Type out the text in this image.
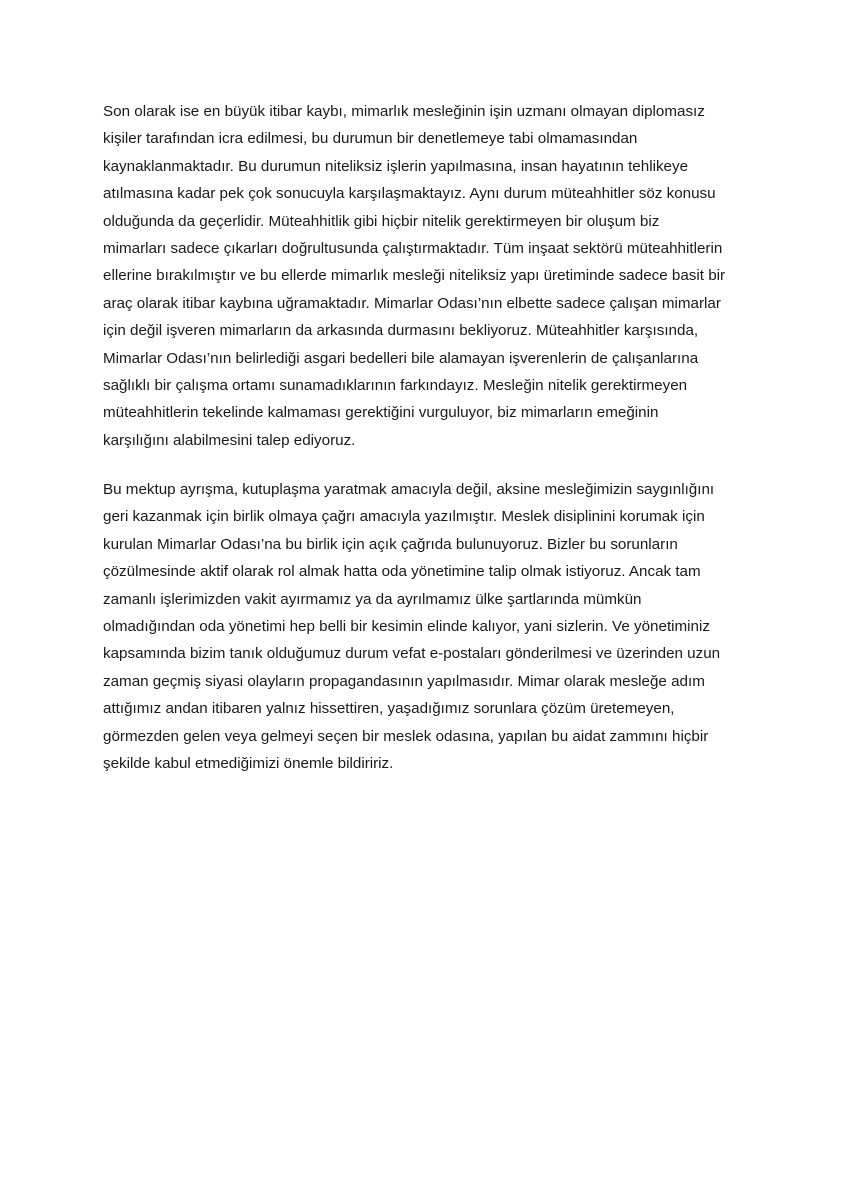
Son olarak ise en büyük itibar kaybı, mimarlık mesleğinin işin uzmanı olmayan diplomasız
kişiler tarafından icra edilmesi, bu durumun bir denetlemeye tabi olmamasından
kaynaklanmaktadır. Bu durumun niteliksiz işlerin yapılmasına, insan hayatının tehlikeye
atılmasına kadar pek çok sonucuyla karşılaşmaktayız. Aynı durum müteahhitler söz konusu
olduğunda da geçerlidir. Müteahhitlik gibi hiçbir nitelik gerektirmeyen bir oluşum biz
mimarları sadece çıkarları doğrultusunda çalıştırmaktadır. Tüm inşaat sektörü müteahhitlerin
ellerine bırakılmıştır ve bu ellerde mimarlık mesleği niteliksiz yapı üretiminde sadece basit bir
araç olarak itibar kaybına uğramaktadır. Mimarlar Odası’nın elbette sadece çalışan mimarlar
için değil işveren mimarların da arkasında durmasını bekliyoruz. Müteahhitler karşısında,
Mimarlar Odası’nın belirlediği asgari bedelleri bile alamayan işverenlerin de çalışanlarına
sağlıklı bir çalışma ortamı sunamadıklarının farkındayız. Mesleğin nitelik gerektirmeyen
müteahhitlerin tekelinde kalmaması gerektiğini vurguluyor, biz mimarların emeğinin
karşılığını alabilmesini talep ediyoruz.
Bu mektup ayrışma, kutuplaşma yaratmak amacıyla değil, aksine mesleğimizin saygınlığını
geri kazanmak için birlik olmaya çağrı amacıyla yazılmıştır. Meslek disiplinini korumak için
kurulan Mimarlar Odası’na bu birlik için açık çağrıda bulunuyoruz. Bizler bu sorunların
çözülmesinde aktif olarak rol almak hatta oda yönetimine talip olmak istiyoruz. Ancak tam
zamanlı işlerimizden vakit ayırmamız ya da ayrılmamız ülke şartlarında mümkün
olmadığından oda yönetimi hep belli bir kesimin elinde kalıyor, yani sizlerin. Ve yönetiminiz
kapsamında bizim tanık olduğumuz durum vefat e-postaları gönderilmesi ve üzerinden uzun
zaman geçmiş siyasi olayların propagandasının yapılmasıdır. Mimar olarak mesleğe adım
attığımız andan itibaren yalnız hissettiren, yaşadığımız sorunlara çözüm üretemeyen,
görmezden gelen veya gelmeyi seçen bir meslek odasına, yapılan bu aidat zammını hiçbir
şekilde kabul etmediğimizi önemle bildiririz.
